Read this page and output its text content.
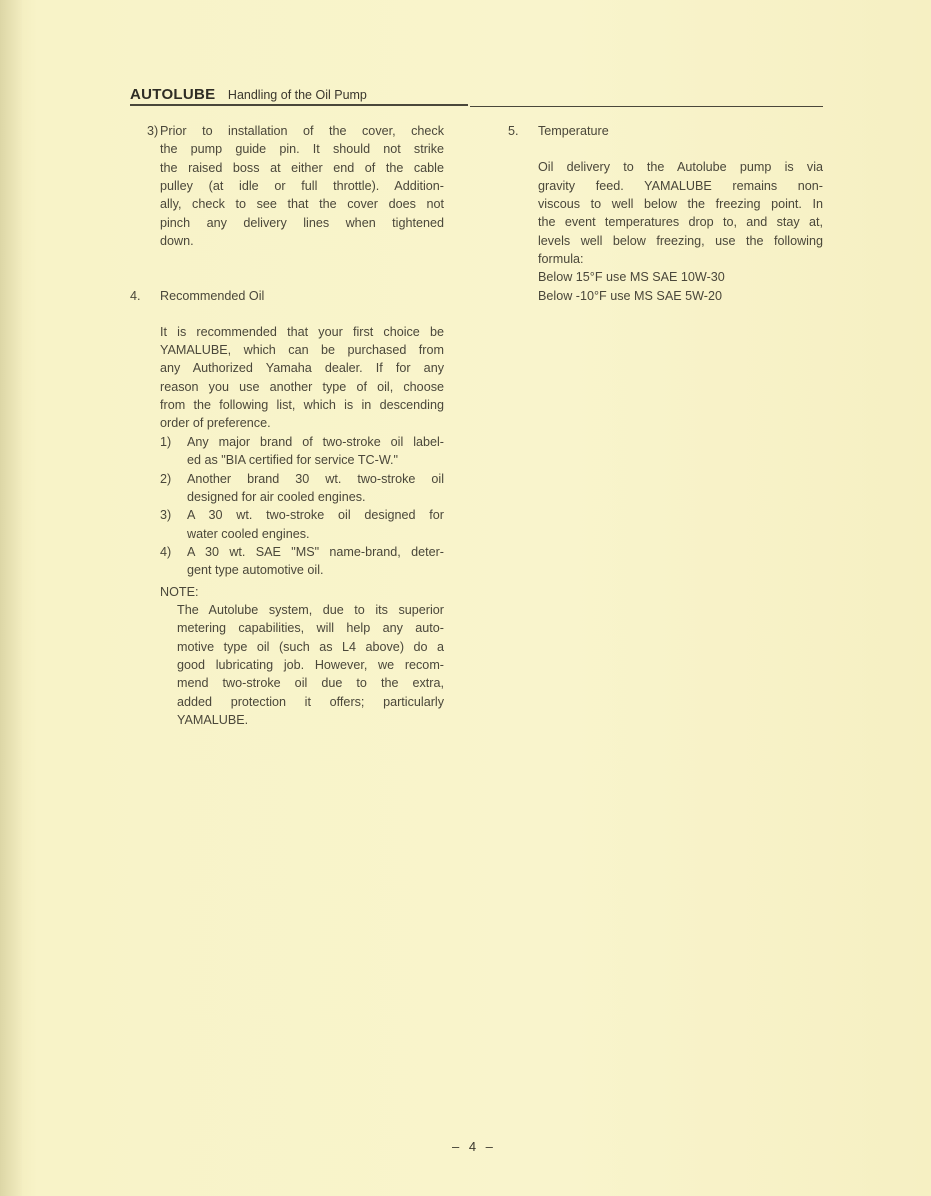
AUTOLUBE Handling of the Oil Pump
3) Prior to installation of the cover, check
the pump guide pin. It should not strike
the raised boss at either end of the cable
pulley (at idle or full throttle). Addition-
ally, check to see that the cover does not
pinch any delivery lines when tightened
down.
4. Recommended Oil
It is recommended that your first choice be
YAMALUBE, which can be purchased from
any Authorized Yamaha dealer. If for any
reason you use another type of oil, choose
from the following list, which is in descending
order of preference.
1) Any major brand of two-stroke oil label-
ed as "BIA certified for service TC-W."
2) Another brand 30 wt. two-stroke oil
designed for air cooled engines.
3) A 30 wt. two-stroke oil designed for
water cooled engines.
4) A 30 wt. SAE "MS" name-brand, deter-
gent type automotive oil.
NOTE:
The Autolube system, due to its superior
metering capabilities, will help any auto-
motive type oil (such as L4 above) do a
good lubricating job. However, we recom-
mend two-stroke oil due to the extra,
added protection it offers; particularly
YAMALUBE.
5. Temperature
Oil delivery to the Autolube pump is via
gravity feed. YAMALUBE remains non-
viscous to well below the freezing point. In
the event temperatures drop to, and stay at,
levels well below freezing, use the following
formula:
Below 15°F use MS SAE 10W-30
Below -10°F use MS SAE 5W-20
– 4 –
